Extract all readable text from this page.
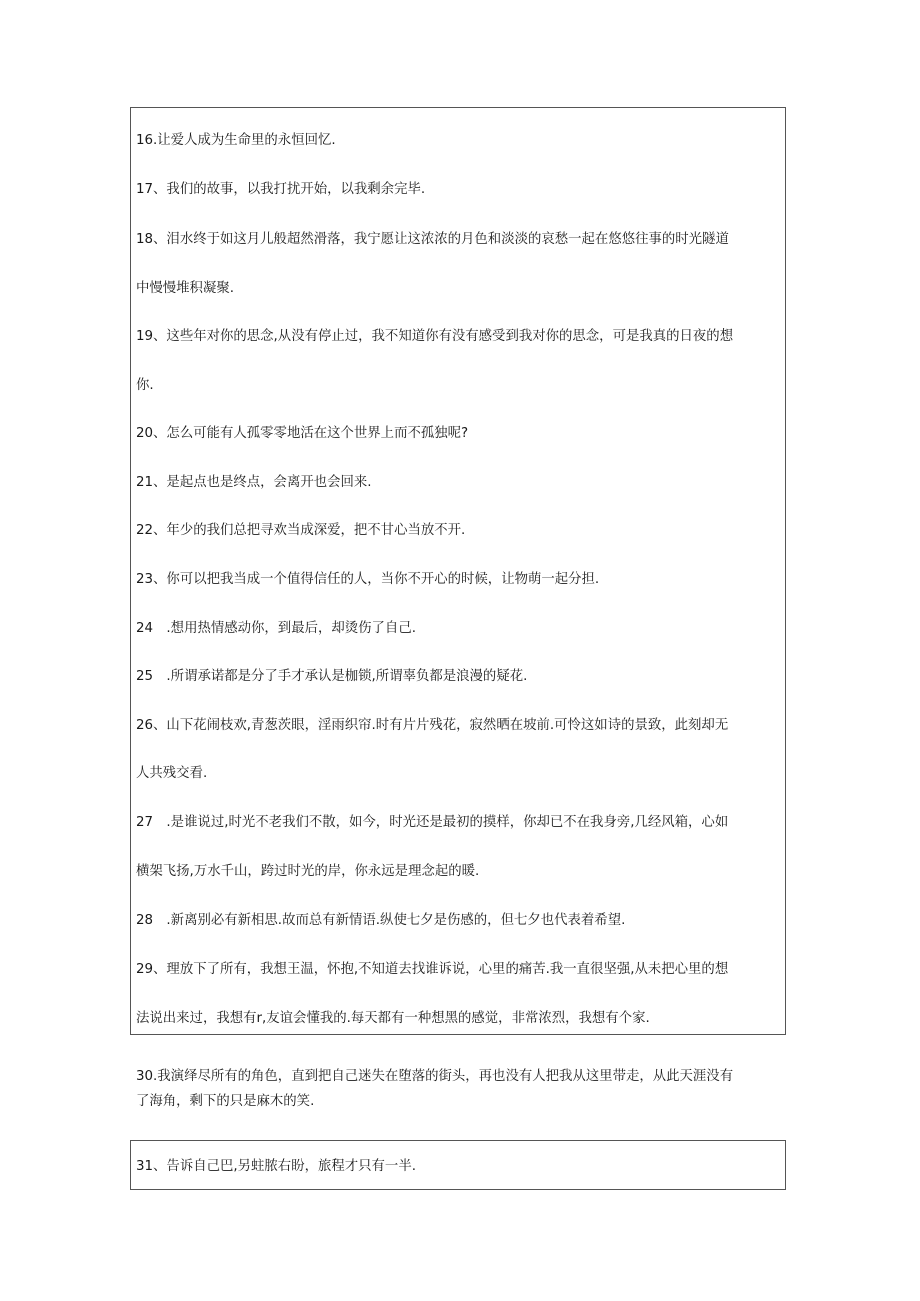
16.让爱人成为生命里的永恒回忆.
17、我们的故事，以我打扰开始，以我剩余完毕.
18、泪水终于如这月儿般超然滑落，我宁愿让这浓浓的月色和淡淡的哀愁一起在悠悠往事的时光隧道
中慢慢堆积凝聚.
19、这些年对你的思念,从没有停止过，我不知道你有没有感受到我对你的思念，可是我真的日夜的想
你.
20、怎么可能有人孤零零地活在这个世界上而不孤独呢?
21、是起点也是终点，会离开也会回来.
22、年少的我们总把寻欢当成深爱，把不甘心当放不开.
23、你可以把我当成一个值得信任的人，当你不开心的时候，让物萌一起分担.
24　.想用热情感动你，到最后，却烫伤了自己.
25　.所谓承诺都是分了手才承认是枷锁,所谓辜负都是浪漫的疑花.
26、山下花闹枝欢,青葱茨眼，淫雨织帘.时有片片残花，寂然晒在坡前.可怜这如诗的景致，此刻却无
人共残交看.
27　.是谁说过,时光不老我们不散，如今，时光还是最初的摸样，你却已不在我身旁,几经风箱，心如
横架飞扬,万水千山，跨过时光的岸，你永远是理念起的暖.
28　.新离别必有新相思.故而总有新情语.纵使七夕是伤感的，但七夕也代表着希望.
29、理放下了所有，我想王温，怀抱,不知道去找谁诉说，心里的痛苦.我一直很坚强,从未把心里的想
法说出来过，我想有r,友谊会懂我的.每天都有一种想黑的感觉，非常浓烈，我想有个家.
30.我演绎尽所有的角色，直到把自己迷失在堕落的街头，再也没有人把我从这里带走，从此天涯没有
了海角，剩下的只是麻木的笑.
31、告诉自己巴,另蛀脓右盼，旅程才只有一半.
